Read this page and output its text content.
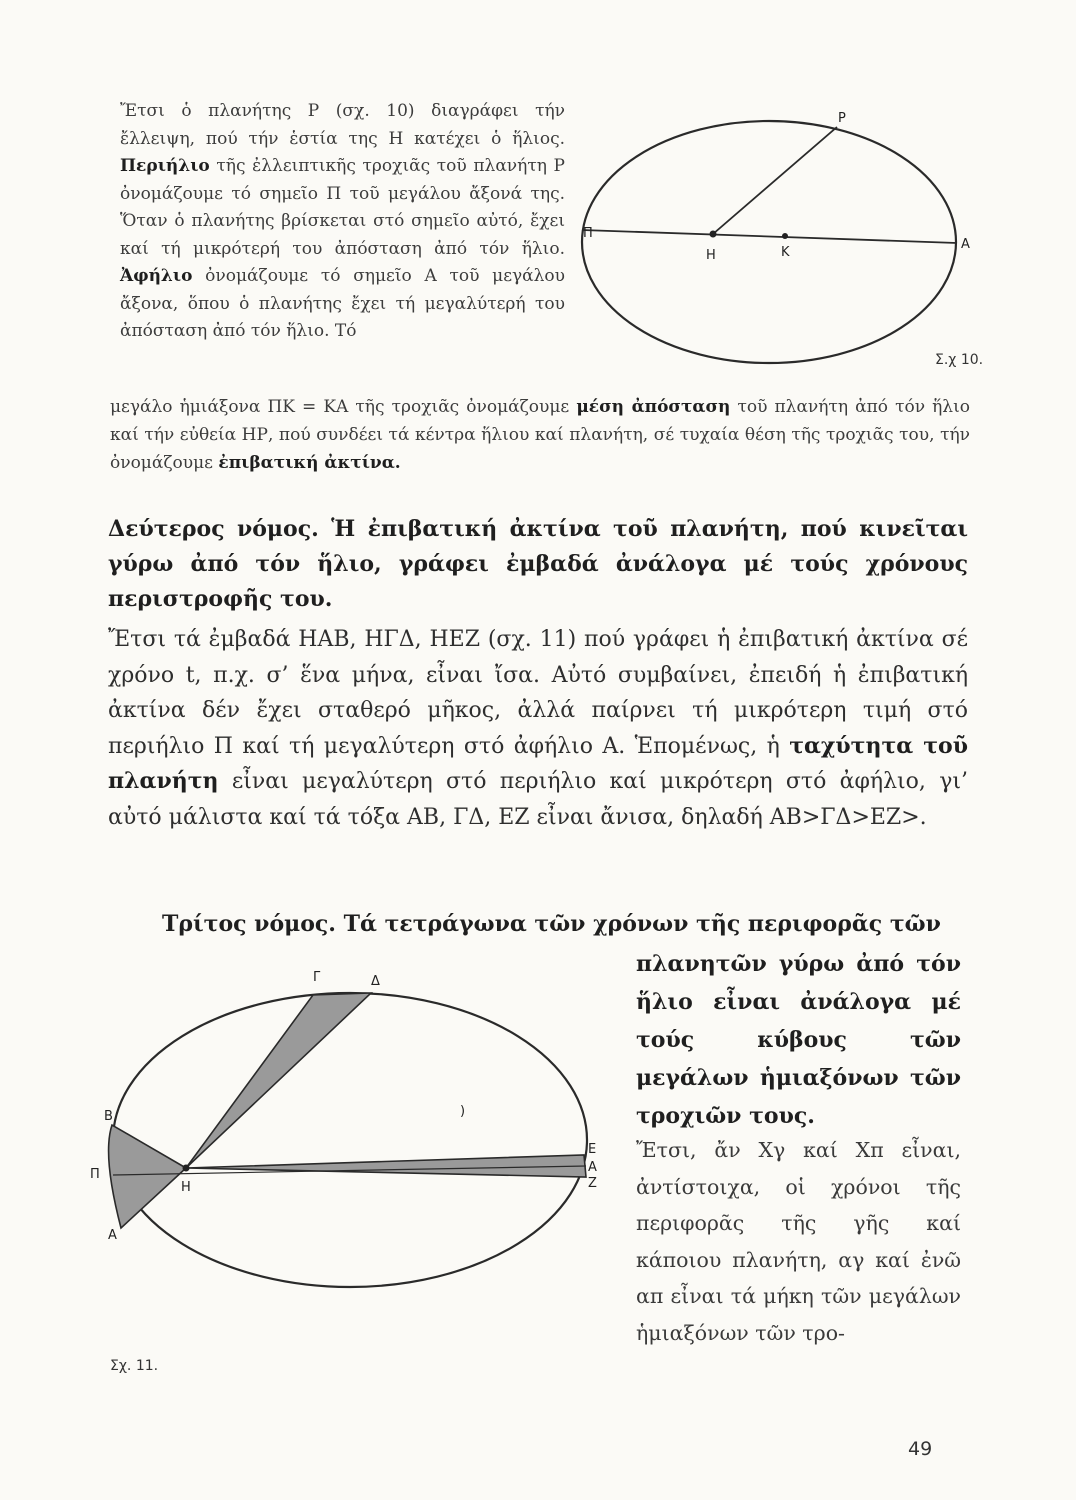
Ἔτσι ὁ πλανήτης Ρ (σχ. 10) διαγράφει τήν ἔλλειψη, πού τήν ἑστία της Η κατέχει ὁ ἥλιος. Περιήλιο τῆς ἐλλειπτικῆς τροχιᾶς τοῦ πλανήτη Ρ ὀνομάζουμε τό σημεῖο Π τοῦ μεγάλου ἄξονά της. Ὅταν ὁ πλανήτης βρίσκεται στό σημεῖο αὐτό, ἔχει καί τή μικρότερή του ἀπόσταση ἀπό τόν ἥλιο. Ἀφήλιο ὀνομάζουμε τό σημεῖο Α τοῦ μεγάλου ἄξονα, ὅπου ὁ πλανήτης ἔχει τή μεγαλύτερή του ἀπόσταση ἀπό τόν ἥλιο. Τό
μεγάλο ἡμιάξονα ΠΚ = ΚΑ τῆς τροχιᾶς ὀνομάζουμε μέση ἀπόσταση τοῦ πλανήτη ἀπό τόν ἥλιο καί τήν εὐθεία ΗΡ, πού συνδέει τά κέντρα ἥλιου καί πλανήτη, σέ τυχαία θέση τῆς τροχιᾶς του, τήν ὀνομάζουμε ἐπιβατική ἀκτίνα.
P
Π
Η	Κ
Α
Σ.χ 10.
Δεύτερος νόμος. Ἡ ἐπιβατική ἀκτίνα τοῦ πλανήτη, πού κινεῖται γύρω ἀπό τόν ἥλιο, γράφει ἐμβαδά ἀνάλογα μέ τούς χρόνους περιστροφῆς του.
Ἔτσι τά ἐμβαδά ΗΑΒ, ΗΓΔ, ΗΕΖ (σχ. 11) πού γράφει ἡ ἐπιβατική ἀκτίνα σέ χρόνο t, π.χ. σ’ ἕνα μήνα, εἶναι ἴσα. Αὐτό συμβαίνει, ἐπειδή ἡ ἐπιβατική ἀκτίνα δέν ἔχει σταθερό μῆκος, ἀλλά παίρνει τή μικρότερη τιμή στό περιήλιο Π καί τή μεγαλύτερη στό ἀφήλιο Α. Ἑπομένως, ἡ ταχύτητα τοῦ πλανήτη εἶναι μεγαλύτερη στό περιήλιο καί μικρότερη στό ἀφήλιο, γι’ αὐτό μάλιστα καί τά τόξα ΑΒ, ΓΔ, ΕΖ εἶναι ἄνισα, δηλαδή ΑΒ>ΓΔ>ΕΖ>.
Τρίτος νόμος. Τά τετράγωνα τῶν χρόνων τῆς περιφορᾶς τῶν
πλανητῶν γύρω ἀπό τόν ἥλιο εἶναι ἀνάλογα μέ τούς κύβους τῶν μεγάλων ἡμιαξόνων τῶν τροχιῶν τους.
Ἔτσι, ἄν Χγ καί Χπ εἶναι, ἀντίστοιχα, οἱ χρόνοι τῆς περιφορᾶς τῆς γῆς καί κάποιου πλανήτη, αγ καί ἐνῶ απ εἶναι τά μήκη τῶν μεγάλων ἡμιαξόνων τῶν τρο-
Γ	Δ
Β
Π
Η
Α
Ε
Α
Ζ
)
Σχ. 11.
49
